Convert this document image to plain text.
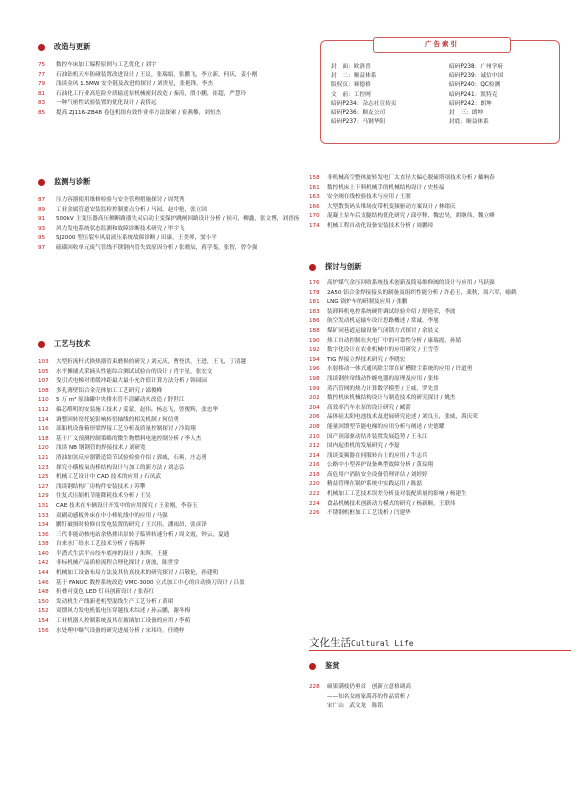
改造与更新
75 数控车床加工编程原则与工艺优化 / 刘宇
77 石油钻机天车防碰装置改进设计 / 王议，张瑞娟，张鹏飞，李立新，何庆，姜小刚
79 浅谈金风 1.5MW 安全链及改进的探讨 / 刘贵星，张艳锋，李杰
81 石油化工行业高危险介质输送泵机械密封改造 / 秦涛，殷小鹏，崔超，严慧玲
83 一种气密性试验装置的优化设计 / 袁侨远
85 提高 ZJ116-ZB48 卷包机组有效作业率方法探索 / 崔燕黎，刘恒杰
监测与诊断
87 压力容器使用维修检验与安全管理措施探讨 / 周梵秀
89 工业金属管道安装监检控制要点分析 / 马园，赵中艳，张立国
91 500kV 主变压器高压侧断路器失灵启动主变保护跳闸回路设计分析 / 侯可，柳鑫，张文博，刘晋扬
93 风力发电系统状态监测和故障诊断技术研究 / 毕宇飞
95 SJ2000 型压裂车风扇液压系统故障诊断 / 田康，王美琴，窦小平
97 硫磺回收单元废气管线不锈钢内管失效原因分析 / 张晓辰，蒋学斐，张智，曾令强
工艺与技术
103 大型折流杆式换热器管束磨损的研究 / 刘元庆，曹登洪，王进，王飞，丁清越
105 水平摊铺式采摘头性能综合测试试验台的设计 / 肖宇星，张宏文
107 曳引式电梯对重缓冲距最大最小允许值计算方法分析 / 韩园园
108 多孔薄壁铝合金壳体加工工艺研究 / 邵俊峰
110 5 万 m³ 原油罐中央排水管不清罐动火改造 / 舒世江
112 偏芯醛明的安装施工技术 / 姜蒙，赵伟，杨志飞，曾俊辉，张忠华
114 调整回转窑托轮影响转窑轴线的相关机制 / 何信勇
116 部船机设备箱形梁焊接工艺分析及质量控制探讨 / 冷海翔
118 基于广义预测控制策略的微生物燃料电池控制分析 / 李人杰
120 浅谈 NB 钢钢管的焊接技术 / 刘研宽
121 渣油加氢反应器锻造筒节试验检验介绍 / 郭威，石爽，庄志勇
123 探究小横板氧齿棒结构设计与加工的新方法 / 刘志弘
125 机械工艺设计中 CAD 技术的应用 / 石凤武
127 浅谈钢结构厂房构件安装技术 / 苏攀
129 往复式压缩机节能降耗技术分析 / 王吴
131 CAE 技术在车辆设计开发中的应用探究 / 王金刚，李春玉
133 双刷动感板外床在中小棒轧线中的应用 / 马强
134 鹏钉破损时检修自发电装置的研究 / 王兴伟，潘雨昂，张彦泽
136 三代非能动核电站余热排出泵转子临界转速分析 / 周文霞，钟云，夏通
138 自来水厂给水工艺技术分析 / 容振辉
140 半潜式生活平台绞车底座的设计 / 朱晖，王捷
142 非标机械产品质检流程合理化探讨 / 唐波，陈世堂
144 机械加工设备布局方法及其仿真技术的研究探讨 / 吕敬伦，孙建明
146 基于 FANUC 数控系统改造 VMC-3000 立式加工中心的自动换刀设计 / 吕盈
148 折叠可变色 LED 灯具创新设计 / 张春红
150 发动机生产线新老机型混线生产工艺分析 / 黄珺
152 双馈风力发电机低电压穿越技术综述 / 孙云鹏，谢冬梅
154 工业机器人控制系统及其在玻璃加工设备的应用 / 李萌
156 水处理中曝气设备的研究进展分析 / 宋玮玲，任晓梓
158 非机械高空整体旋转发电厂太直径大偏心脱硫塔项技术分析 / 戴响春
161 数控机床上下料机械手的机械结构设计 / 史桂福
163 安全阀在线校验技术与应用 / 王朋
166 大型散货码头堆场皮带机变频驱动方案设计 / 林绪庆
170 混凝土泵车后支腿结构优化研究 / 邱亭释，魏忠昊，胡继伟，魏立峰
174 机械工程自动化设备安装技术分析 / 周鹏璋
探讨与创新
176 高炉煤气余压回收系统技术创新及简易维修阀的设计与应用 / 马跃强
178 2A50 铝合金焊接接头的制备及组织性能分析 / 许必玉，龚秋，周六军，喻鹤
181 LNG 锅炉车的研制及应用 / 张鹏
183 装卸料机电控系统硬件调试经验介绍 / 舒艳荣，李波
186 航空发动机运输车设计思路概述 / 常诚，李旭
188 煤矿同巷道运输设备气闭锁方式探讨 / 余晨义
190 热工自动控制在火电厂中的可靠性分析 / 康瑞霞，孙婧
192 数字化设计在农业机械中的应用研究 / 王雪莹
194 TIG 焊接立焊技术研究 / 李晓宏
196 水射移动一体式通风除尘罩在矿槽除尘系统的应用 / 许道勇
198 浅谈钢丝帘线动作缠电器的原理及应用 / 张炜
199 蒸汽管网的热力计算数学模型 / 王威，罗先喜
202 数控机床机械结构设计与制造技术的研究探讨 / 姚杰
204 高效率汽车水泵的设计研究 / 臧蕾
206 晶体硅太阳电池技术及进展研究论述 / 刘良玉，张威，禹庆荣
208 能量回馈型节能电梯的应用分析与阐述 / 史德耀
210 国产顶部驱动钻井装置发展趋势 / 王永江
212 国内起重机的发展研究 / 李磊
214 浅谈变频器在伺服转台上的应用 / 牛志兵
216 公路中小型养护设备典型故障分析 / 黄琮翔
218 高危用户消防安全设备管理评估 / 刘婷婷
220 精益管理在锅炉系统中实践运用 / 陈磊
222 机械加工工艺技术误差分析及对装配质量的影响 / 杨建生
224 食品机械技术创新动力模式的研究 / 杨新顺，王联伟
226 不锈钢机框加工工艺浅析 / 闫建华
广告索引
封　面：欧洛普	暗码P238：广州学府
封　二：顺益体系	暗码P239：诚信中国
版权页：赛德格	暗码P240：QC检测
文　前：工控网	暗码P241：凯特克
暗码P234：杂志社宣传页	暗码P242：朗坤
暗码P236：顺友公司	封　三：朗坤
暗码P237：马钢华阳	封底：顺益体系
文化生活Cultural Life
鉴赏
228 硕果满枝仍垂首　创新立意格调高
——知名女画家禹苏的作品赏析 /
宋广山　武文龙　陈铭
